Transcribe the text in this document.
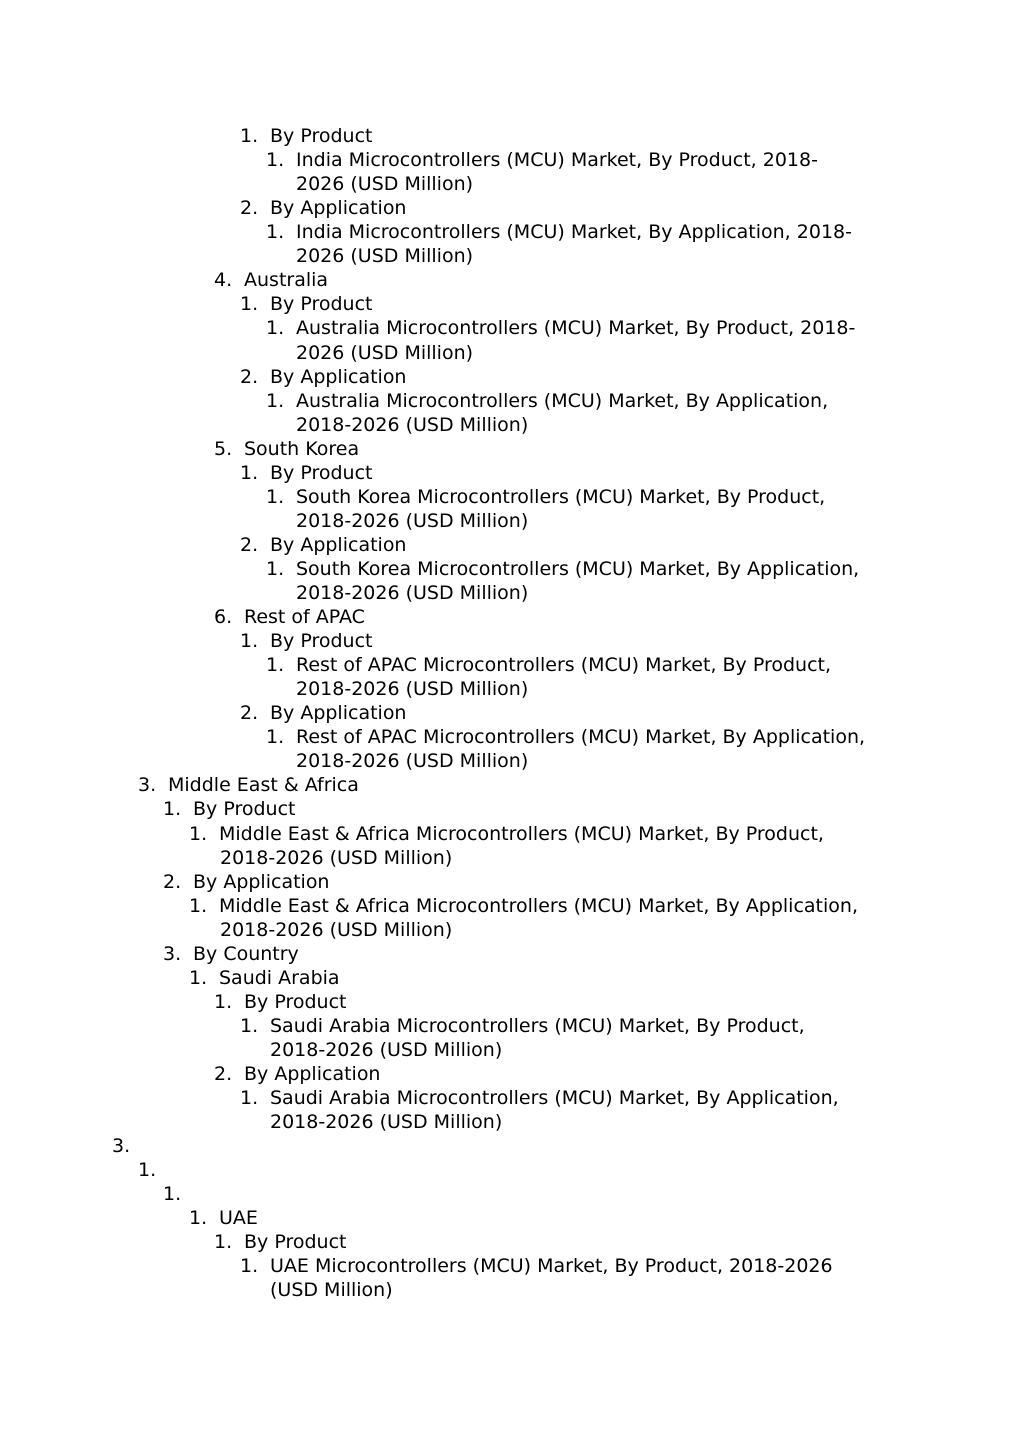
1. By Product
1. India Microcontrollers (MCU) Market, By Product, 2018-
2026 (USD Million)
2. By Application
1. India Microcontrollers (MCU) Market, By Application, 2018-
2026 (USD Million)
4. Australia
1. By Product
1. Australia Microcontrollers (MCU) Market, By Product, 2018-
2026 (USD Million)
2. By Application
1. Australia Microcontrollers (MCU) Market, By Application,
2018-2026 (USD Million)
5. South Korea
1. By Product
1. South Korea Microcontrollers (MCU) Market, By Product,
2018-2026 (USD Million)
2. By Application
1. South Korea Microcontrollers (MCU) Market, By Application,
2018-2026 (USD Million)
6. Rest of APAC
1. By Product
1. Rest of APAC Microcontrollers (MCU) Market, By Product,
2018-2026 (USD Million)
2. By Application
1. Rest of APAC Microcontrollers (MCU) Market, By Application,
2018-2026 (USD Million)
3. Middle East & Africa
1. By Product
1. Middle East & Africa Microcontrollers (MCU) Market, By Product,
2018-2026 (USD Million)
2. By Application
1. Middle East & Africa Microcontrollers (MCU) Market, By Application,
2018-2026 (USD Million)
3. By Country
1. Saudi Arabia
1. By Product
1. Saudi Arabia Microcontrollers (MCU) Market, By Product,
2018-2026 (USD Million)
2. By Application
1. Saudi Arabia Microcontrollers (MCU) Market, By Application,
2018-2026 (USD Million)
3.
1.
1.
1. UAE
1. By Product
1. UAE Microcontrollers (MCU) Market, By Product, 2018-2026
(USD Million)
